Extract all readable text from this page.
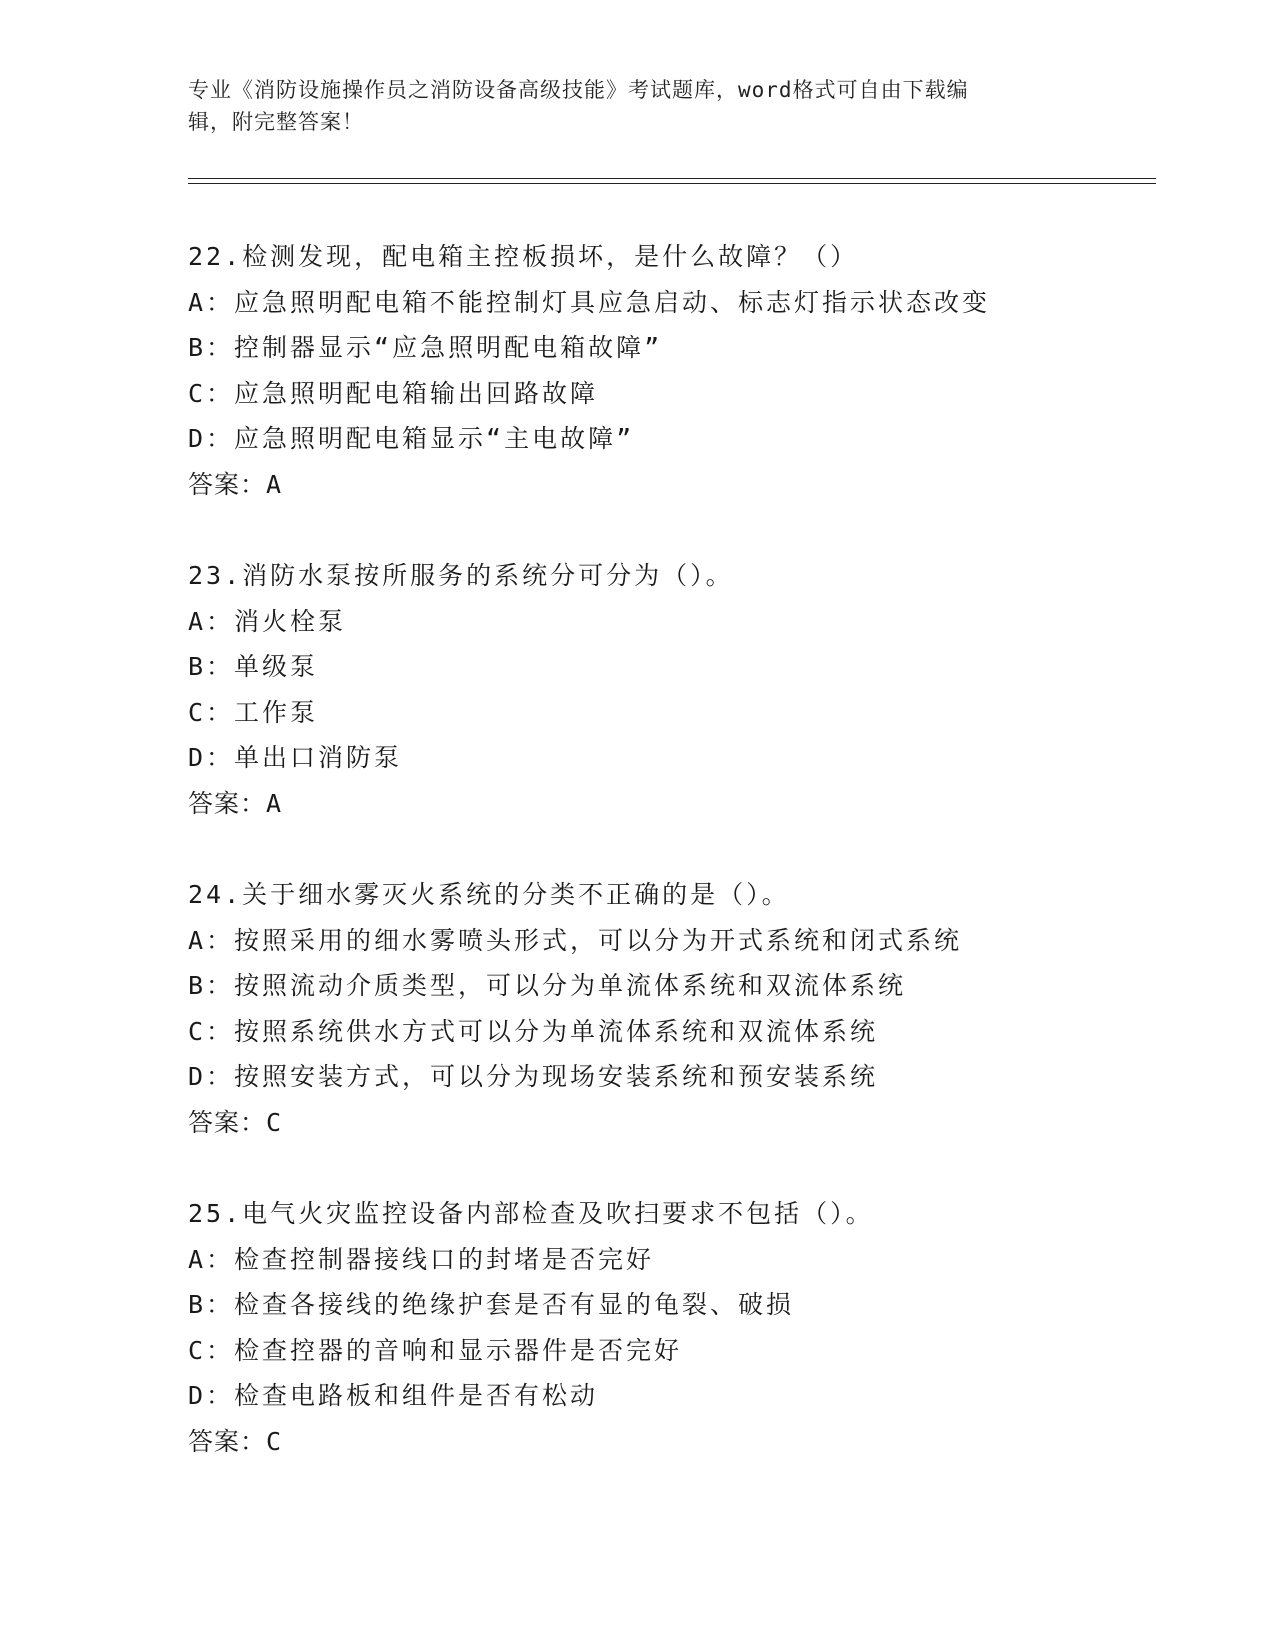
专业《消防设施操作员之消防设备高级技能》考试题库，word格式可自由下载编
辑，附完整答案！
22.检测发现，配电箱主控板损坏，是什么故障？（）
A：应急照明配电箱不能控制灯具应急启动、标志灯指示状态改变
B：控制器显示“应急照明配电箱故障”
C：应急照明配电箱输出回路故障
D：应急照明配电箱显示“主电故障”
答案：A
23.消防水泵按所服务的系统分可分为（）。
A：消火栓泵
B：单级泵
C：工作泵
D：单出口消防泵
答案：A
24.关于细水雾灭火系统的分类不正确的是（）。
A：按照采用的细水雾喷头形式，可以分为开式系统和闭式系统
B：按照流动介质类型，可以分为单流体系统和双流体系统
C：按照系统供水方式可以分为单流体系统和双流体系统
D：按照安装方式，可以分为现场安装系统和预安装系统
答案：C
25.电气火灾监控设备内部检查及吹扫要求不包括（）。
A：检查控制器接线口的封堵是否完好
B：检查各接线的绝缘护套是否有显的龟裂、破损
C：检查控器的音响和显示器件是否完好
D：检查电路板和组件是否有松动
答案：C
